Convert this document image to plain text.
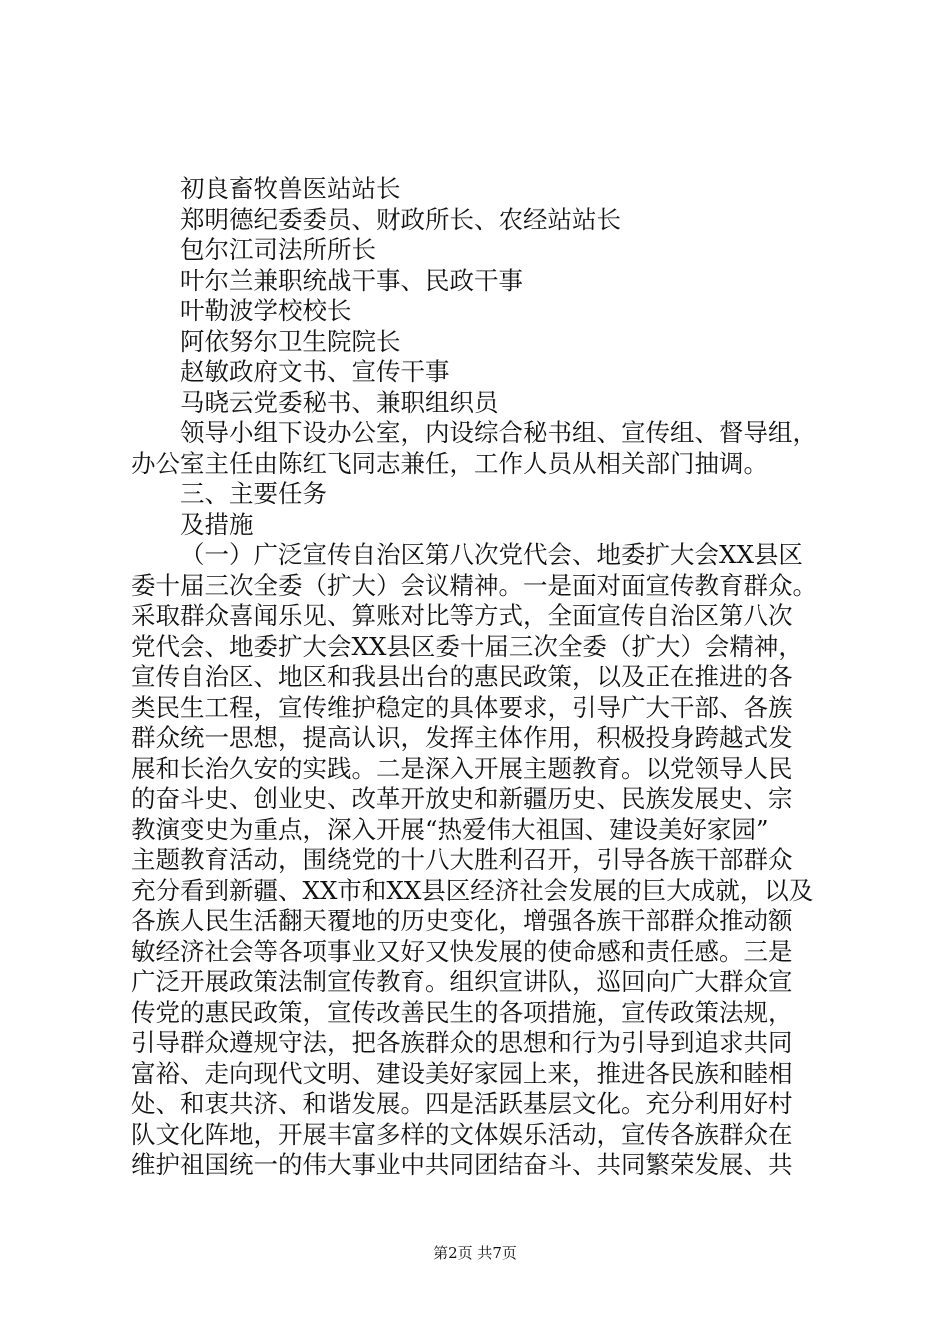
初良畜牧兽医站站长
郑明德纪委委员、财政所长、农经站站长
包尔江司法所所长
叶尔兰兼职统战干事、民政干事
叶勒波学校校长
阿依努尔卫生院院长
赵敏政府文书、宣传干事
马晓云党委秘书、兼职组织员
领导小组下设办公室，内设综合秘书组、宣传组、督导组，
办公室主任由陈红飞同志兼任，工作人员从相关部门抽调。
三、主要任务
及措施
（一）广泛宣传自治区第八次党代会、地委扩大会XX县区
委十届三次全委（扩大）会议精神。一是面对面宣传教育群众。
采取群众喜闻乐见、算账对比等方式，全面宣传自治区第八次
党代会、地委扩大会XX县区委十届三次全委（扩大）会精神，
宣传自治区、地区和我县出台的惠民政策，以及正在推进的各
类民生工程，宣传维护稳定的具体要求，引导广大干部、各族
群众统一思想，提高认识，发挥主体作用，积极投身跨越式发
展和长治久安的实践。二是深入开展主题教育。以党领导人民
的奋斗史、创业史、改革开放史和新疆历史、民族发展史、宗
教演变史为重点，深入开展“热爱伟大祖国、建设美好家园”
主题教育活动，围绕党的十八大胜利召开，引导各族干部群众
充分看到新疆、XX市和XX县区经济社会发展的巨大成就，以及
各族人民生活翻天覆地的历史变化，增强各族干部群众推动额
敏经济社会等各项事业又好又快发展的使命感和责任感。三是
广泛开展政策法制宣传教育。组织宣讲队，巡回向广大群众宣
传党的惠民政策，宣传改善民生的各项措施，宣传政策法规，
引导群众遵规守法，把各族群众的思想和行为引导到追求共同
富裕、走向现代文明、建设美好家园上来，推进各民族和睦相
处、和衷共济、和谐发展。四是活跃基层文化。充分利用好村
队文化阵地，开展丰富多样的文体娱乐活动，宣传各族群众在
维护祖国统一的伟大事业中共同团结奋斗、共同繁荣发展、共
第2页 共7页
